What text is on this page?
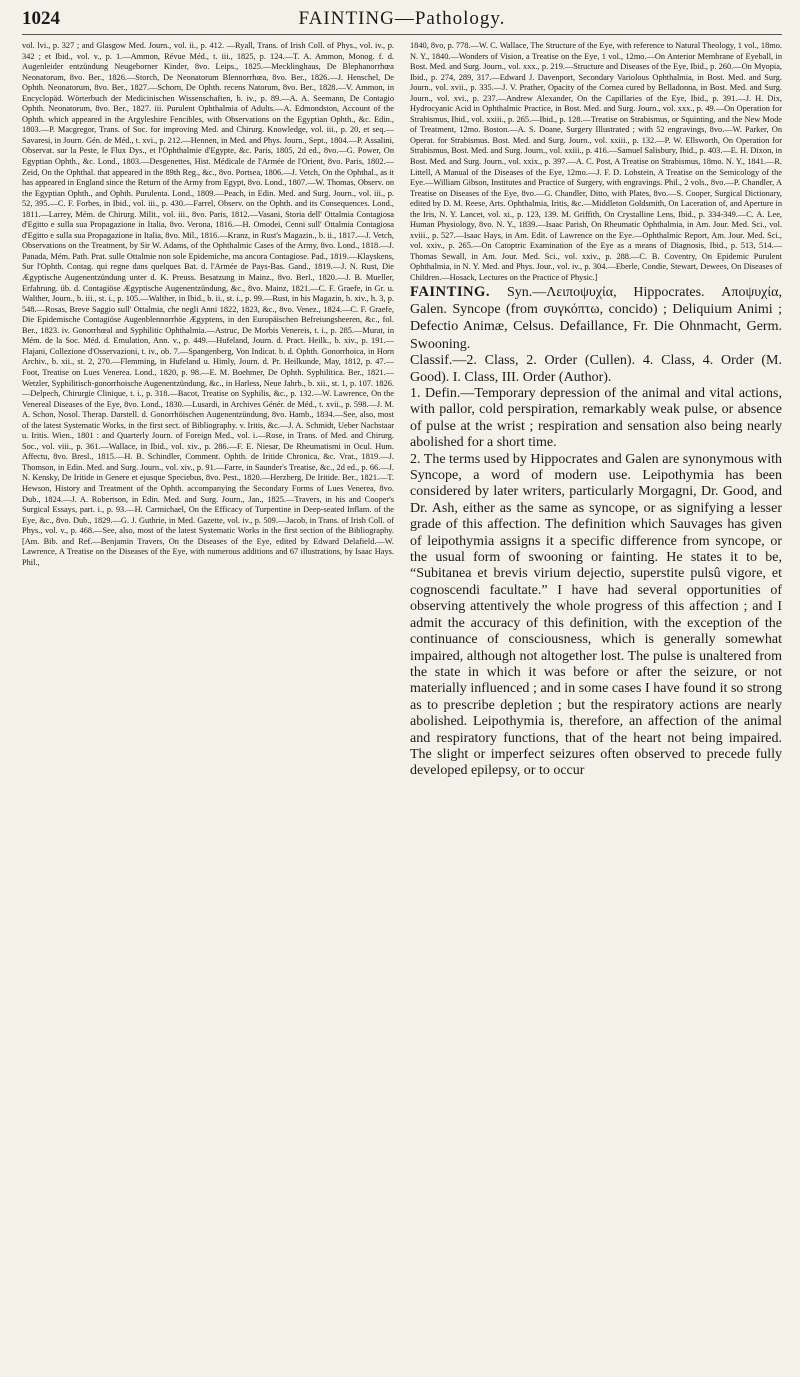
1024	FAINTING—Pathology.

vol. lvi., p. 327 ; and Glasgow Med. Journ., vol. ii., p. 412. —Ryall, Trans. of Irish Coll. of Phys., vol. iv., p. 342 ; et Ibid., vol. v., p. 1.—Ammon, Révue Méd., t. iii., 1825, p. 124.—T. A. Ammon, Monog. f. d. Augenleider entzündung Neugeborner Kinder, 8vo. Leips., 1825.—Mecklinghaus, De Blephanorrhœa Neonatorum, 8vo. Ber., 1826.—Storch, De Neonatorum Blennorrhœa, 8vo. Ber., 1826.—J. Henschel, De Ophth. Neonatorum, 8vo. Ber., 1827.—Schorn, De Ophth. recens Natorum, 8vo. Ber., 1828.—V. Ammon, in Encyclopäd. Wörterbuch der Medicinischen Wissenschaften, b. iv., p. 89.—A. A. Seemann, De Contagio Ophth. Neonatorum, 8vo. Ber., 1827. iii. Purulent Ophthalmia of Adults.—A. Edmondston, Account of the Ophth. which appeared in the Argyleshire Fencibles, with Observations on the Egyptian Ophth., &c. Edin., 1803.—P. Macgregor, Trans. of Soc. for improving Med. and Chirurg. Knowledge, vol. iii., p. 20, et seq.—Savaresi, in Journ. Gén. de Méd., t. xvi., p. 212.—Hennen, in Med. and Phys. Journ., Sept., 1804.—P. Assalini, Observat. sur la Peste, le Flux Dys., et l'Ophthalmie d'Egypte, &c. Paris, 1805, 2d ed., 8vo.—G. Power, On Egyptian Ophth., &c. Lond., 1803.—Desgenettes, Hist. Médicale de l'Armée de l'Orient, 8vo. Paris, 1802.—Zeid, On the Ophthal. that appeared in the 89th Reg., &c., 8vo. Portsea, 1806.—J. Vetch, On the Ophthal., as it has appeared in England since the Return of the Army from Egypt, 8vo. Lond., 1807.—W. Thomas, Observ. on the Egyptian Ophth., and Ophth. Purulenta. Lond., 1809.—Peach, in Edin. Med. and Surg. Journ., vol. iii., p. 52, 395.—C. F. Forbes, in Ibid., vol. iii., p. 430.—Farrel, Observ. on the Ophth. and its Consequences. Lond., 1811.—Larrey, Mém. de Chirurg. Milit., vol. iii., 8vo. Paris, 1812.—Vasani, Storia dell' Ottalmia Contagiosa d'Egitto e sulla sua Propagazione in Italia, 8vo. Verona, 1816.—H. Omodei, Cenni sull' Ottalmia Contagiosa d'Egitto e sulla sua Propagazione in Italia, 8vo. Mil., 1816.—Kranz, in Rust's Magazin., b. ii., 1817.—J. Vetch, Observations on the Treatment, by Sir W. Adams, of the Ophthalmic Cases of the Army, 8vo. Lond., 1818.—J. Panada, Mém. Path. Prat. sulle Ottalmie non sole Epidemiche, ma ancora Contagiose. Pad., 1819.—Klayskens, Sur l'Ophth. Contag. qui regne dans quelques Bat. d. l'Armée de Pays-Bas. Gand., 1819.—J. N. Rust, Die Ægyptische Augenentzündung unter d. K. Preuss. Besatzung in Mainz., 8vo. Berl., 1820.—J. B. Mueller, Erfahrung. üb. d. Contagiöse Ægyptische Augenentzündung, &c., 8vo. Mainz, 1821.—C. F. Graefe, in Gr. u. Walther, Journ., b. iii., st. i., p. 105.—Walther, in Ibid., b. ii., st. i., p. 99.—Rust, in his Magazin, b. xiv., h. 3, p. 548.—Rosas, Breve Saggio sull' Ottalmia, che negli Anni 1822, 1823, &c., 8vo. Venez., 1824.—C. F. Graefe, Die Epidemische Contagiöse Augenblennorrhöe Ægyptens, in den Europäischen Befreiungsheeren, &c., fol. Ber., 1823. iv. Gonorrhœal and Syphilitic Ophthalmia.—Astruc, De Morbis Venereis, t. i., p. 285.—Murat, in Mém. de la Soc. Méd. d. Emulation, Ann. v., p. 449.—Hufeland, Journ. d. Pract. Heilk., b. xiv., p. 191.—Flajani, Collezione d'Osservazioni, t. iv., ob. 7.—Spangenberg, Von Indicat. b. d. Ophth. Gonorrhoica, in Horn Archiv., b. xii., st. 2, 270.—Flemming, in Hufeland u. Himly, Journ. d. Pr. Heilkunde, May, 1812, p. 47.—Foot, Treatise on Lues Venerea. Lond., 1820, p. 98.—E. M. Boehmer, De Ophth. Syphilitica. Ber., 1821.—Wetzler, Syphilitisch-gonorrhoische Augenentzündung, &c., in Harless, Neue Jahrb., b. xii., st. 1, p. 107. 1826.—Delpech, Chirurgie Clinique, t. i., p. 318.—Bacot, Treatise on Syphilis, &c., p. 132.—W. Lawrence, On the Venereal Diseases of the Eye, 8vo. Lond., 1830.—Lusardi, in Archives Génér. de Méd., t. xvii., p. 598.—J. M. A. Schon, Nosol. Therap. Darstell. d. Gonorrhöischen Augenentzündung, 8vo. Hamb., 1834.—See, also, most of the latest Systematic Works, in the first sect. of Bibliography. v. Iritis, &c.—J. A. Schmidt, Ueber Nachstaar u. Iritis. Wien., 1801 : and Quarterly Journ. of Foreign Med., vol. i.—Rose, in Trans. of Med. and Chirurg. Soc., vol. viii., p. 361.—Wallace, in Ibid., vol. xiv., p. 286.—F. E. Niesar, De Rheumatismi in Ocul. Hum. Affectu, 8vo. Bresl., 1815.—H. B. Schindler, Comment. Ophth. de Iritide Chronica, &c. Vrat., 1819.—J. Thomson, in Edin. Med. and Surg. Journ., vol. xiv., p. 91.—Farre, in Saunder's Treatise, &c., 2d ed., p. 66.—J. N. Kensky, De Iritide in Genere et ejusque Speciebus, 8vo. Pest., 1820.—Herzberg, De Iritide. Ber., 1821.—T. Hewson, History and Treatment of the Ophth. accompanying the Secondary Forms of Lues Venerea, 8vo. Dub., 1824.—J. A. Robertson, in Edin. Med. and Surg. Journ., Jan., 1825.—Travers, in his and Cooper's Surgical Essays, part. i., p. 93.—H. Carmichael, On the Efficacy of Turpentine in Deep-seated Inflam. of the Eye, &c., 8vo. Dub., 1829.—G. J. Guthrie, in Med. Gazette, vol. iv., p. 509.—Jacob, in Trans. of Irish Coll. of Phys., vol. v., p. 468.—See, also, most of the latest Systematic Works in the first section of the Bibliography. [Am. Bib. and Ref.—Benjamin Travers, On the Diseases of the Eye, edited by Edward Delafield.—W. Lawrence, A Treatise on the Diseases of the Eye, with numerous additions and 67 illustrations, by Isaac Hays. Phil.,

1840, 8vo, p. 778.—W. C. Wallace, The Structure of the Eye, with reference to Natural Theology, 1 vol., 18mo. N. Y., 1840.—Wonders of Vision, a Treatise on the Eye, 1 vol., 12mo.—On Anterior Membrane of Eyeball, in Bost. Med. and Surg. Journ., vol. xxx., p. 219.—Structure and Diseases of the Eye, Ibid., p. 260.—On Myopia, Ibid., p. 274, 289, 317.—Edward J. Davenport, Secondary Variolous Ophthalmia, in Bost. Med. and Surg. Journ., vol. xvii., p. 335.—J. V. Prather, Opacity of the Cornea cured by Belladonna, in Bost. Med. and Surg. Journ., vol. xvi., p. 237.—Andrew Alexander, On the Capillaries of the Eye, Ibid., p. 391.—J. H. Dix, Hydrocyanic Acid in Ophthalmic Practice, in Bost. Med. and Surg. Journ., vol. xxx., p. 49.—On Operation for Strabismus, Ibid., vol. xxiii., p. 265.—Ibid., p. 128.—Treatise on Strabismus, or Squinting, and the New Mode of Treatment, 12mo. Boston.—A. S. Doane, Surgery Illustrated ; with 52 engravings, 8vo.—W. Parker, On Operat. for Strabismus. Bost. Med. and Surg. Journ., vol. xxiii., p. 132.—P. W. Ellsworth, On Operation for Strabismus, Bost. Med. and Surg. Journ., vol. xxiii., p. 416.—Samuel Salisbury, Ibid., p. 403.—E. H. Dixon, in Bost. Med. and Surg. Journ., vol. xxix., p. 397.—A. C. Post, A Treatise on Strabismus, 18mo. N. Y., 1841.—R. Littell, A Manual of the Diseases of the Eye, 12mo.—J. F. D. Lobstein, A Treatise on the Semicology of the Eye.—William Gibson, Institutes and Practice of Surgery, with engravings. Phil., 2 vols., 8vo.—P. Chandler, A Treatise on Diseases of the Eye, 8vo.—G. Chandler, Ditto, with Plates, 8vo.—S. Cooper, Surgical Dictionary, edited by D. M. Reese, Arts. Ophthalmia, Iritis, &c.—Middleton Goldsmith, On Laceration of, and Aperture in the Iris, N. Y. Lancet, vol. xi., p. 123, 139. M. Griffith, On Crystalline Lens, Ibid., p. 334-349.—C. A. Lee, Human Physiology, 8vo. N. Y., 1839.—Isaac Parish, On Rheumatic Ophthalmia, in Am. Jour. Med. Sci., vol. xviii., p. 527.—Isaac Hays, in Am. Edit. of Lawrence on the Eye.—Ophthalmic Report, Am. Jour. Med. Sci., vol. xxiv., p. 265.—On Catoptric Examination of the Eye as a means of Diagnosis, Ibid., p. 513, 514.—Thomas Sewall, in Am. Jour. Med. Sci., vol. xxiv., p. 288.—C. B. Coventry, On Epidemic Purulent Ophthalmia, in N. Y. Med. and Phys. Jour., vol. iv., p. 304.—Eberle, Condie, Stewart, Dewees, On Diseases of Children.—Hosack, Lectures on the Practice of Physic.]

FAINTING. Syn.—Λειποψυχία, Hippocrates. Αποψυχία, Galen. Syncope (from συγκόπτω, concido) ; Deliquium Animi ; Defectio Animæ, Celsus. Defaillance, Fr. Die Ohnmacht, Germ. Swooning.

Classif.—2. Class, 2. Order (Cullen). 4. Class, 4. Order (M. Good). I. Class, III. Order (Author).

1. Defin.—Temporary depression of the animal and vital actions, with pallor, cold perspiration, remarkably weak pulse, or absence of pulse at the wrist ; respiration and sensation also being nearly abolished for a short time.

2. The terms used by Hippocrates and Galen are synonymous with Syncope, a word of modern use. Leipothymia has been considered by later writers, particularly Morgagni, Dr. Good, and Dr. Ash, either as the same as syncope, or as signifying a lesser grade of this affection. The definition which Sauvages has given of leipothymia assigns it a specific difference from syncope, or the usual form of swooning or fainting. He states it to be, “Subitanea et brevis virium dejectio, superstite pulsû vigore, et cognoscendi facultate.” I have had several opportunities of observing attentively the whole progress of this affection ; and I admit the accuracy of this definition, with the exception of the continuance of consciousness, which is generally somewhat impaired, although not altogether lost. The pulse is unaltered from the state in which it was before or after the seizure, or not materially influenced ; and in some cases I have found it so strong as to prescribe depletion ; but the respiratory actions are nearly abolished. Leipothymia is, therefore, an affection of the animal and respiratory functions, that of the heart not being impaired. The slight or imperfect seizures often observed to precede fully developed epilepsy, or to occur
